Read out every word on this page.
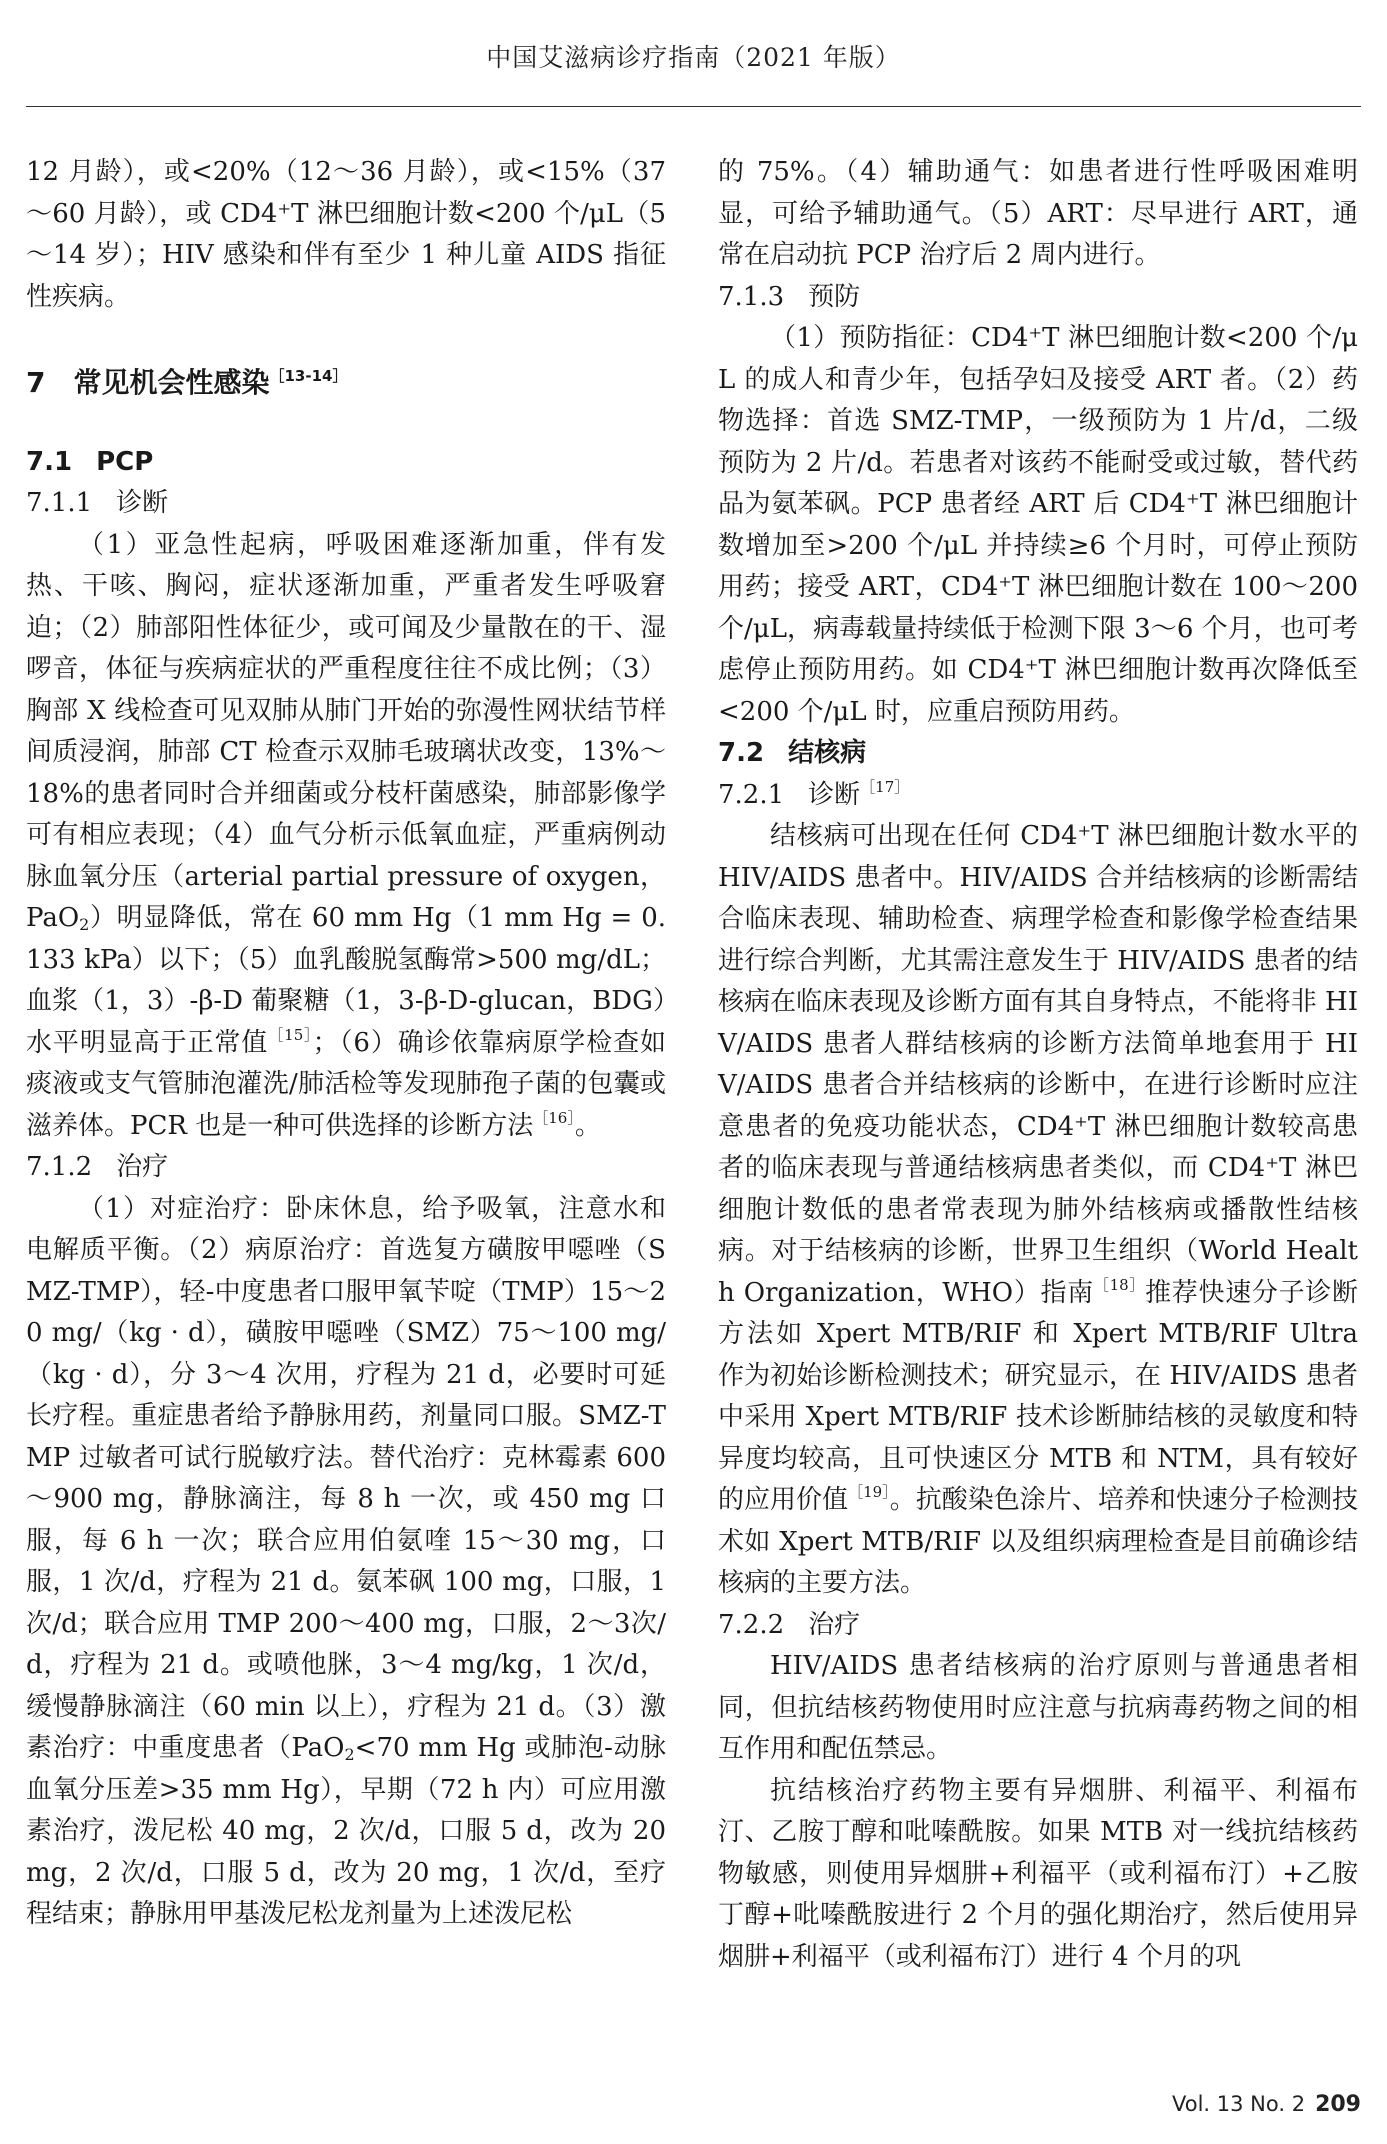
中国艾滋病诊疗指南（2021 年版）

12 月龄），或<20%（12～36 月龄），或<15%（37～60 月龄），或 CD4⁺T 淋巴细胞计数<200 个/μL（5～14 岁）；HIV 感染和伴有至少 1 种儿童 AIDS 指征性疾病。

7 常见机会性感染$^{[13-14]}$

7.1 PCP

7.1.1 诊断

（1）亚急性起病，呼吸困难逐渐加重，伴有发热、干咳、胸闷，症状逐渐加重，严重者发生呼吸窘迫；（2）肺部阳性体征少，或可闻及少量散在的干、湿啰音，体征与疾病症状的严重程度往往不成比例；（3）胸部 X 线检查可见双肺从肺门开始的弥漫性网状结节样间质浸润，肺部 CT 检查示双肺毛玻璃状改变，13%～18%的患者同时合并细菌或分枝杆菌感染，肺部影像学可有相应表现；（4）血气分析示低氧血症，严重病例动脉血氧分压（arterial partial pressure of oxygen，PaO$_2$）明显降低，常在 60 mm Hg（1 mm Hg = 0.133 kPa）以下；（5）血乳酸脱氢酶常>500 mg/dL；血浆（1，3）-β-D 葡聚糖（1，3-β-D-glucan，BDG）水平明显高于正常值$^{[15]}$；（6）确诊依靠病原学检查如痰液或支气管肺泡灌洗/肺活检等发现肺孢子菌的包囊或滋养体。PCR 也是一种可供选择的诊断方法$^{[16]}$。

7.1.2 治疗

（1）对症治疗：卧床休息，给予吸氧，注意水和电解质平衡。（2）病原治疗：首选复方磺胺甲噁唑（SMZ-TMP），轻-中度患者口服甲氧苄啶（TMP）15～20 mg/（kg · d），磺胺甲噁唑（SMZ）75～100 mg/（kg · d），分 3～4 次用，疗程为 21 d，必要时可延长疗程。重症患者给予静脉用药，剂量同口服。SMZ-TMP 过敏者可试行脱敏疗法。替代治疗：克林霉素 600～900 mg，静脉滴注，每 8 h 一次，或 450 mg 口服，每 6 h 一次；联合应用伯氨喹 15～30 mg，口服，1 次/d，疗程为 21 d。氨苯砜 100 mg，口服，1 次/d；联合应用 TMP 200～400 mg，口服，2～3次/d，疗程为 21 d。或喷他脒，3～4 mg/kg，1 次/d，缓慢静脉滴注（60 min 以上），疗程为 21 d。（3）激素治疗：中重度患者（PaO$_2$<70 mm Hg 或肺泡-动脉血氧分压差>35 mm Hg），早期（72 h 内）可应用激素治疗，泼尼松 40 mg，2 次/d，口服 5 d，改为 20 mg，2 次/d，口服 5 d，改为 20 mg，1 次/d，至疗程结束；静脉用甲基泼尼松龙剂量为上述泼尼松

的 75%。（4）辅助通气：如患者进行性呼吸困难明显，可给予辅助通气。（5）ART：尽早进行 ART，通常在启动抗 PCP 治疗后 2 周内进行。

7.1.3 预防

（1）预防指征：CD4⁺T 淋巴细胞计数<200 个/μL 的成人和青少年，包括孕妇及接受 ART 者。（2）药物选择：首选 SMZ-TMP，一级预防为 1 片/d，二级预防为 2 片/d。若患者对该药不能耐受或过敏，替代药品为氨苯砜。PCP 患者经 ART 后 CD4⁺T 淋巴细胞计数增加至>200 个/μL 并持续≥6 个月时，可停止预防用药；接受 ART，CD4⁺T 淋巴细胞计数在 100～200 个/μL，病毒载量持续低于检测下限 3～6 个月，也可考虑停止预防用药。如 CD4⁺T 淋巴细胞计数再次降低至<200 个/μL 时，应重启预防用药。

7.2 结核病

7.2.1 诊断$^{[17]}$

结核病可出现在任何 CD4⁺T 淋巴细胞计数水平的 HIV/AIDS 患者中。HIV/AIDS 合并结核病的诊断需结合临床表现、辅助检查、病理学检查和影像学检查结果进行综合判断，尤其需注意发生于 HIV/AIDS 患者的结核病在临床表现及诊断方面有其自身特点，不能将非 HIV/AIDS 患者人群结核病的诊断方法简单地套用于 HIV/AIDS 患者合并结核病的诊断中，在进行诊断时应注意患者的免疫功能状态，CD4⁺T 淋巴细胞计数较高患者的临床表现与普通结核病患者类似，而 CD4⁺T 淋巴细胞计数低的患者常表现为肺外结核病或播散性结核病。对于结核病的诊断，世界卫生组织（World Health Organization，WHO）指南$^{[18]}$推荐快速分子诊断方法如 Xpert MTB/RIF 和 Xpert MTB/RIF Ultra 作为初始诊断检测技术；研究显示，在 HIV/AIDS 患者中采用 Xpert MTB/RIF 技术诊断肺结核的灵敏度和特异度均较高，且可快速区分 MTB 和 NTM，具有较好的应用价值$^{[19]}$。抗酸染色涂片、培养和快速分子检测技术如 Xpert MTB/RIF 以及组织病理检查是目前确诊结核病的主要方法。

7.2.2 治疗

HIV/AIDS 患者结核病的治疗原则与普通患者相同，但抗结核药物使用时应注意与抗病毒药物之间的相互作用和配伍禁忌。

抗结核治疗药物主要有异烟肼、利福平、利福布汀、乙胺丁醇和吡嗪酰胺。如果 MTB 对一线抗结核药物敏感，则使用异烟肼+利福平（或利福布汀）+乙胺丁醇+吡嗪酰胺进行 2 个月的强化期治疗，然后使用异烟肼+利福平（或利福布汀）进行 4 个月的巩

Vol. 13 No. 2 209
